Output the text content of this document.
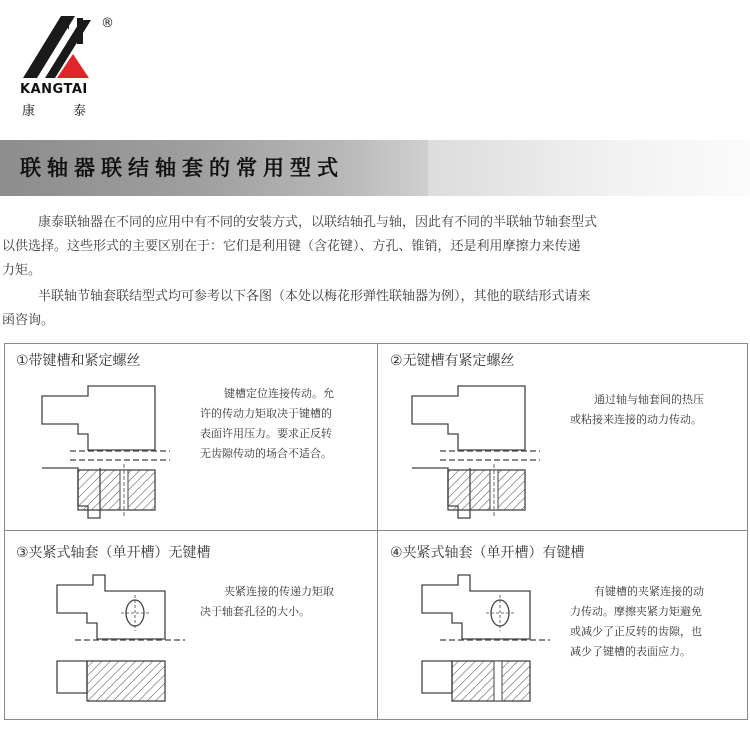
®
KANGTAI
康	泰
联轴器联结轴套的常用型式
康泰联轴器在不同的应用中有不同的安装方式，以联结轴孔与轴，因此有不同的半联轴节轴套型式
以供选择。这些形式的主要区别在于：它们是利用键（含花键）、方孔、锥销，还是利用摩擦力来传递
力矩。
半联轴节轴套联结型式均可参考以下各图（本处以梅花形弹性联轴器为例），其他的联结形式请来
函咨询。
①带键槽和紧定螺丝
键槽定位连接传动。允
许的传动力矩取决于键槽的
表面许用压力。要求正反转
无齿隙传动的场合不适合。
②无键槽有紧定螺丝
通过轴与轴套间的热压
或粘接来连接的动力传动。
③夹紧式轴套（单开槽）无键槽
夹紧连接的传递力矩取
决于轴套孔径的大小。
④夹紧式轴套（单开槽）有键槽
有键槽的夹紧连接的动
力传动。摩擦夹紧力矩避免
或减少了正反转的齿隙，也
减少了键槽的表面应力。
